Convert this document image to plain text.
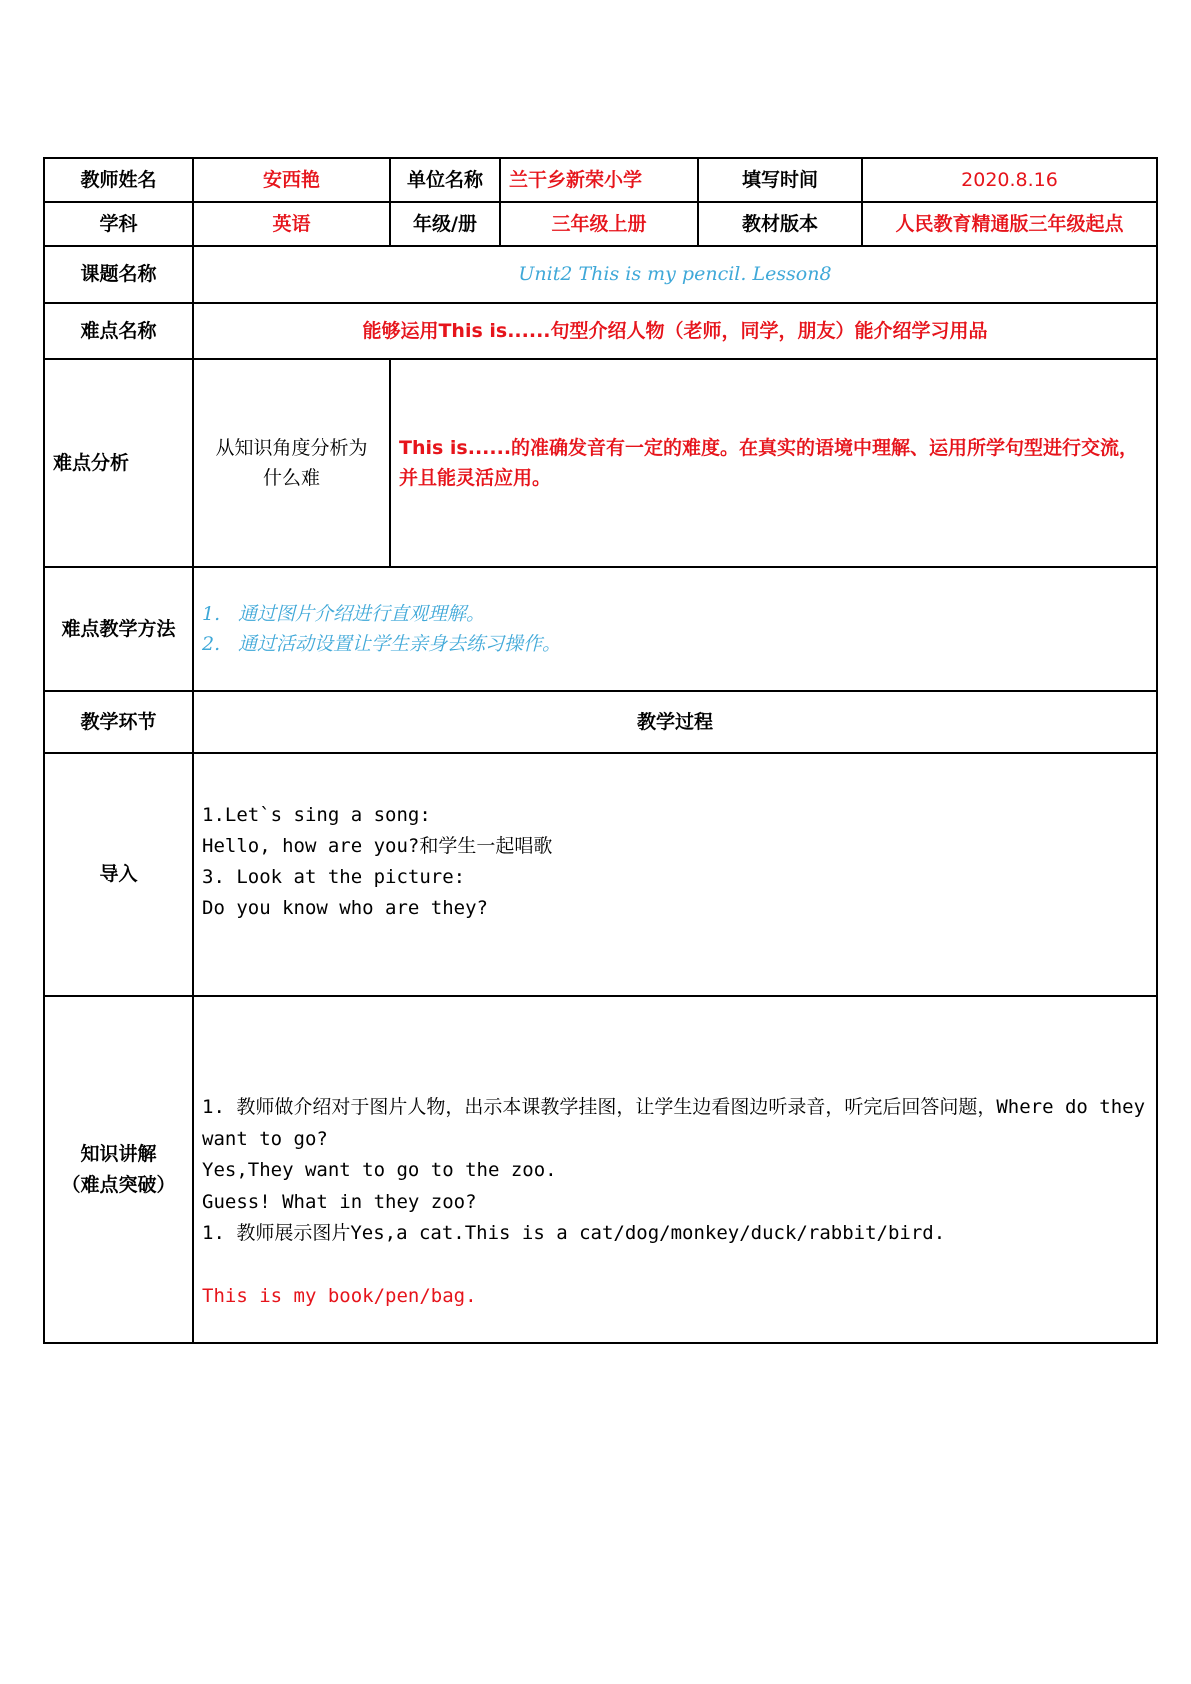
教师姓名	安西艳	单位名称	兰干乡新荣小学	填写时间	2020.8.16
学科	英语	年级/册	三年级上册	教材版本	人民教育精通版三年级起点
课题名称	Unit2 This is my pencil. Lesson8				
难点名称	能够运用This is......句型介绍人物（老师，同学，朋友）能介绍学习用品				
难点分析	从知识角度分析为什么难	This is......的准确发音有一定的难度。在真实的语境中理解、运用所学句型进行交流，并且能灵活应用。			
难点教学方法	1. 通过图片介绍进行直观理解。
2. 通过活动设置让学生亲身去练习操作。				

教学环节	教学过程				
导入	1.Let`s sing a song:
Hello, how are you?和学生一起唱歌
3. Look at the picture:
Do you know who are they?				

知识讲解
（难点突破）	1. 教师做介绍对于图片人物，出示本课教学挂图，让学生边看图边听录音，听完后回答问题，Where do they want to go?
Yes,They want to go to the zoo.
Guess! What in they zoo?
1. 教师展示图片Yes,a cat.This is a cat/dog/monkey/duck/rabbit/bird.
This is my book/pen/bag.				
